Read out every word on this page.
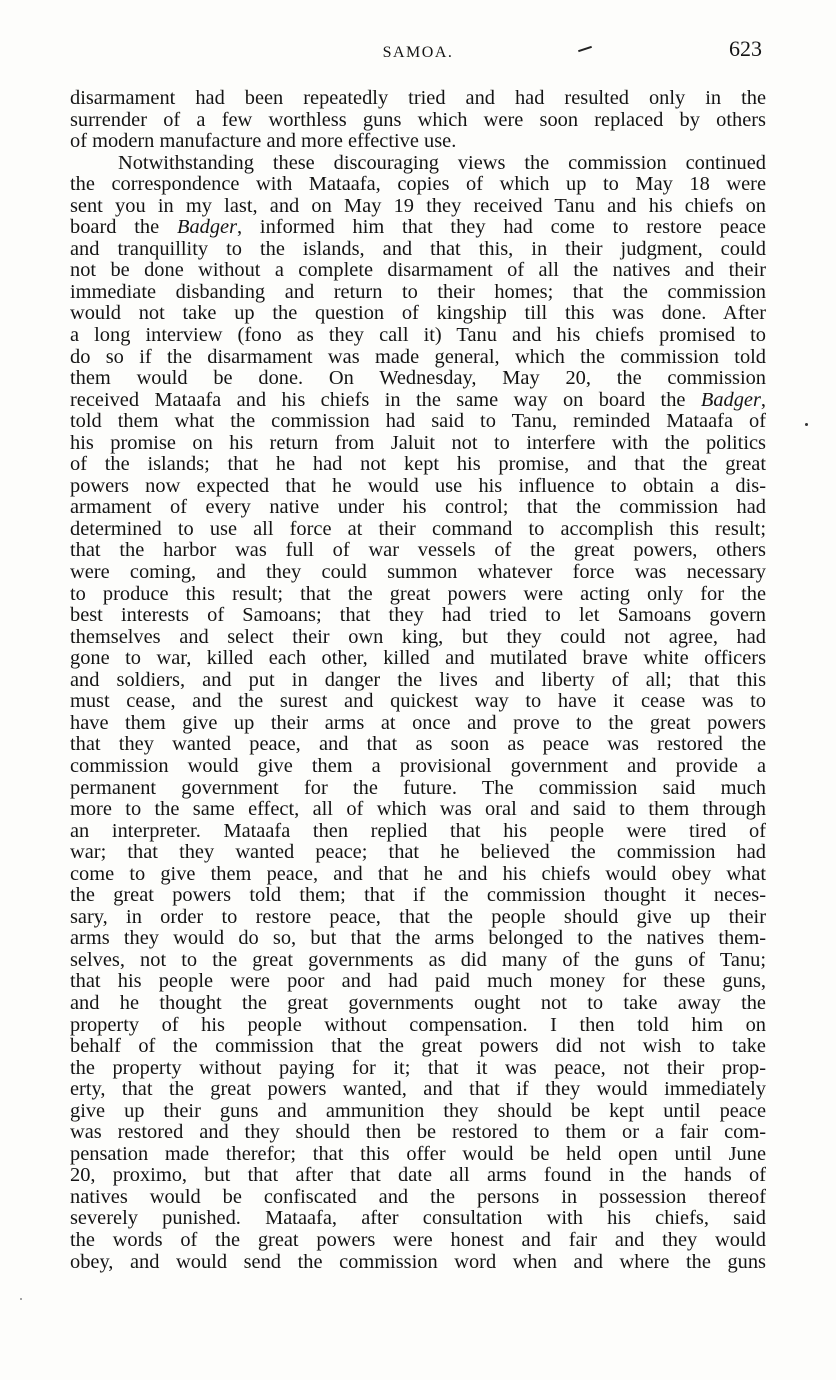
SAMOA.	623
disarmament had been repeatedly tried and had resulted only in the
surrender of a few worthless guns which were soon replaced by others
of modern manufacture and more effective use.
Notwithstanding these discouraging views the commission continued
the correspondence with Mataafa, copies of which up to May 18 were
sent you in my last, and on May 19 they received Tanu and his chiefs on
board the Badger, informed him that they had come to restore peace
and tranquillity to the islands, and that this, in their judgment, could
not be done without a complete disarmament of all the natives and their
immediate disbanding and return to their homes; that the commission
would not take up the question of kingship till this was done. After
a long interview (fono as they call it) Tanu and his chiefs promised to
do so if the disarmament was made general, which the commission told
them would be done. On Wednesday, May 20, the commission
received Mataafa and his chiefs in the same way on board the Badger,
told them what the commission had said to Tanu, reminded Mataafa of
his promise on his return from Jaluit not to interfere with the politics
of the islands; that he had not kept his promise, and that the great
powers now expected that he would use his influence to obtain a dis-
armament of every native under his control; that the commission had
determined to use all force at their command to accomplish this result;
that the harbor was full of war vessels of the great powers, others
were coming, and they could summon whatever force was necessary
to produce this result; that the great powers were acting only for the
best interests of Samoans; that they had tried to let Samoans govern
themselves and select their own king, but they could not agree, had
gone to war, killed each other, killed and mutilated brave white officers
and soldiers, and put in danger the lives and liberty of all; that this
must cease, and the surest and quickest way to have it cease was to
have them give up their arms at once and prove to the great powers
that they wanted peace, and that as soon as peace was restored the
commission would give them a provisional government and provide a
permanent government for the future. The commission said much
more to the same effect, all of which was oral and said to them through
an interpreter. Mataafa then replied that his people were tired of
war; that they wanted peace; that he believed the commission had
come to give them peace, and that he and his chiefs would obey what
the great powers told them; that if the commission thought it neces-
sary, in order to restore peace, that the people should give up their
arms they would do so, but that the arms belonged to the natives them-
selves, not to the great governments as did many of the guns of Tanu;
that his people were poor and had paid much money for these guns,
and he thought the great governments ought not to take away the
property of his people without compensation. I then told him on
behalf of the commission that the great powers did not wish to take
the property without paying for it; that it was peace, not their prop-
erty, that the great powers wanted, and that if they would immediately
give up their guns and ammunition they should be kept until peace
was restored and they should then be restored to them or a fair com-
pensation made therefor; that this offer would be held open until June
20, proximo, but that after that date all arms found in the hands of
natives would be confiscated and the persons in possession thereof
severely punished. Mataafa, after consultation with his chiefs, said
the words of the great powers were honest and fair and they would
obey, and would send the commission word when and where the guns
